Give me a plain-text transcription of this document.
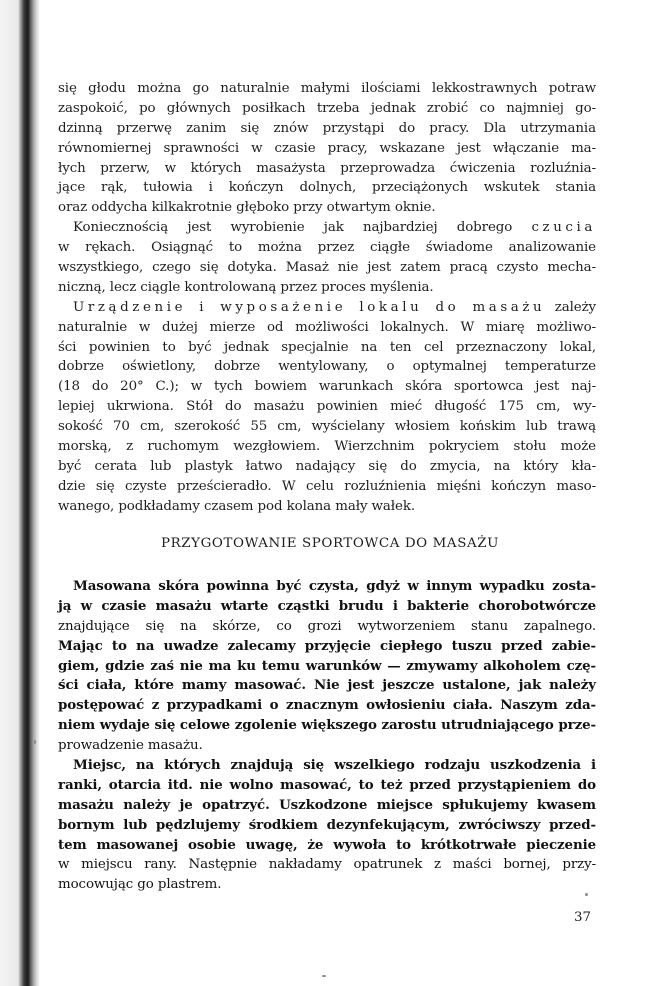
się głodu można go naturalnie małymi ilościami lekkostrawnych potraw
zaspokoić, po głównych posiłkach trzeba jednak zrobić co najmniej go-
dzinną przerwę zanim się znów przystąpi do pracy. Dla utrzymania
równomiernej sprawności w czasie pracy, wskazane jest włączanie ma-
łych przerw, w których masażysta przeprowadza ćwiczenia rozluźnia-
jące rąk, tułowia i kończyn dolnych, przeciążonych wskutek stania
oraz oddycha kilkakrotnie głęboko przy otwartym oknie.
Koniecznością jest wyrobienie jak najbardziej dobrego czucia
w rękach. Osiągnąć to można przez ciągłe świadome analizowanie
wszystkiego, czego się dotyka. Masaż nie jest zatem pracą czysto mecha-
niczną, lecz ciągle kontrolowaną przez proces myślenia.
Urządzenie i wyposażenie lokalu do masażu zależy
naturalnie w dużej mierze od możliwości lokalnych. W miarę możliwo-
ści powinien to być jednak specjalnie na ten cel przeznaczony lokal,
dobrze oświetlony, dobrze wentylowany, o optymalnej temperaturze
(18 do 20° C.); w tych bowiem warunkach skóra sportowca jest naj-
lepiej ukrwiona. Stół do masażu powinien mieć długość 175 cm, wy-
sokość 70 cm, szerokość 55 cm, wyścielany włosiem końskim lub trawą
morską, z ruchomym wezgłowiem. Wierzchnim pokryciem stołu może
być cerata lub plastyk łatwo nadający się do zmycia, na który kła-
dzie się czyste prześcieradło. W celu rozluźnienia mięśni kończyn maso-
wanego, podkładamy czasem pod kolana mały wałek.
PRZYGOTOWANIE SPORTOWCA DO MASAŻU
Masowana skóra powinna być czysta, gdyż w innym wypadku zosta-
ją w czasie masażu wtarte cząstki brudu i bakterie chorobotwórcze
znajdujące się na skórze, co grozi wytworzeniem stanu zapalnego.
Mając to na uwadze zalecamy przyjęcie ciepłego tuszu przed zabie-
giem, gdzie zaś nie ma ku temu warunków — zmywamy alkoholem czę-
ści ciała, które mamy masować. Nie jest jeszcze ustalone, jak należy
postępować z przypadkami o znacznym owłosieniu ciała. Naszym zda-
niem wydaje się celowe zgolenie większego zarostu utrudniającego prze-
prowadzenie masażu.
Miejsc, na których znajdują się wszelkiego rodzaju uszkodzenia i
ranki, otarcia itd. nie wolno masować, to też przed przystąpieniem do
masażu należy je opatrzyć. Uszkodzone miejsce spłukujemy kwasem
bornym lub pędzlujemy środkiem dezynfekującym, zwróciwszy przed-
tem masowanej osobie uwagę, że wywoła to krótkotrwałe pieczenie
w miejscu rany. Następnie nakładamy opatrunek z maści bornej, przy-
mocowując go plastrem.
37
